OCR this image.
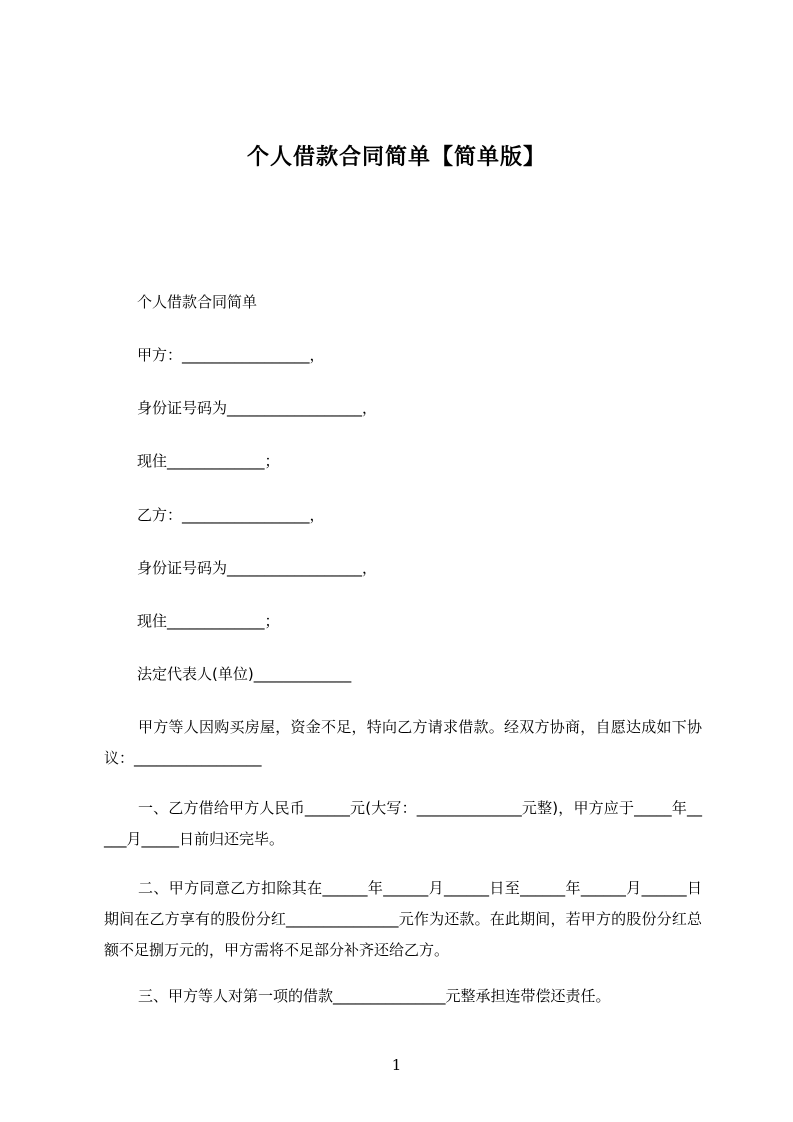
个人借款合同简单【简单版】

个人借款合同简单

甲方：_________________，

身份证号码为__________________，

现住_____________；

乙方：_________________，

身份证号码为__________________，

现住_____________；

法定代表人(单位)_____________

甲方等人因购买房屋，资金不足，特向乙方请求借款。经双方协商，自愿达成如下协议：_________________

一、乙方借给甲方人民币______元(大写：______________元整)，甲方应于_____年_____月_____日前归还完毕。

二、甲方同意乙方扣除其在______年______月______日至______年______月______日期间在乙方享有的股份分红_______________元作为还款。在此期间，若甲方的股份分红总额不足捌万元的，甲方需将不足部分补齐还给乙方。

三、甲方等人对第一项的借款_______________元整承担连带偿还责任。

1
